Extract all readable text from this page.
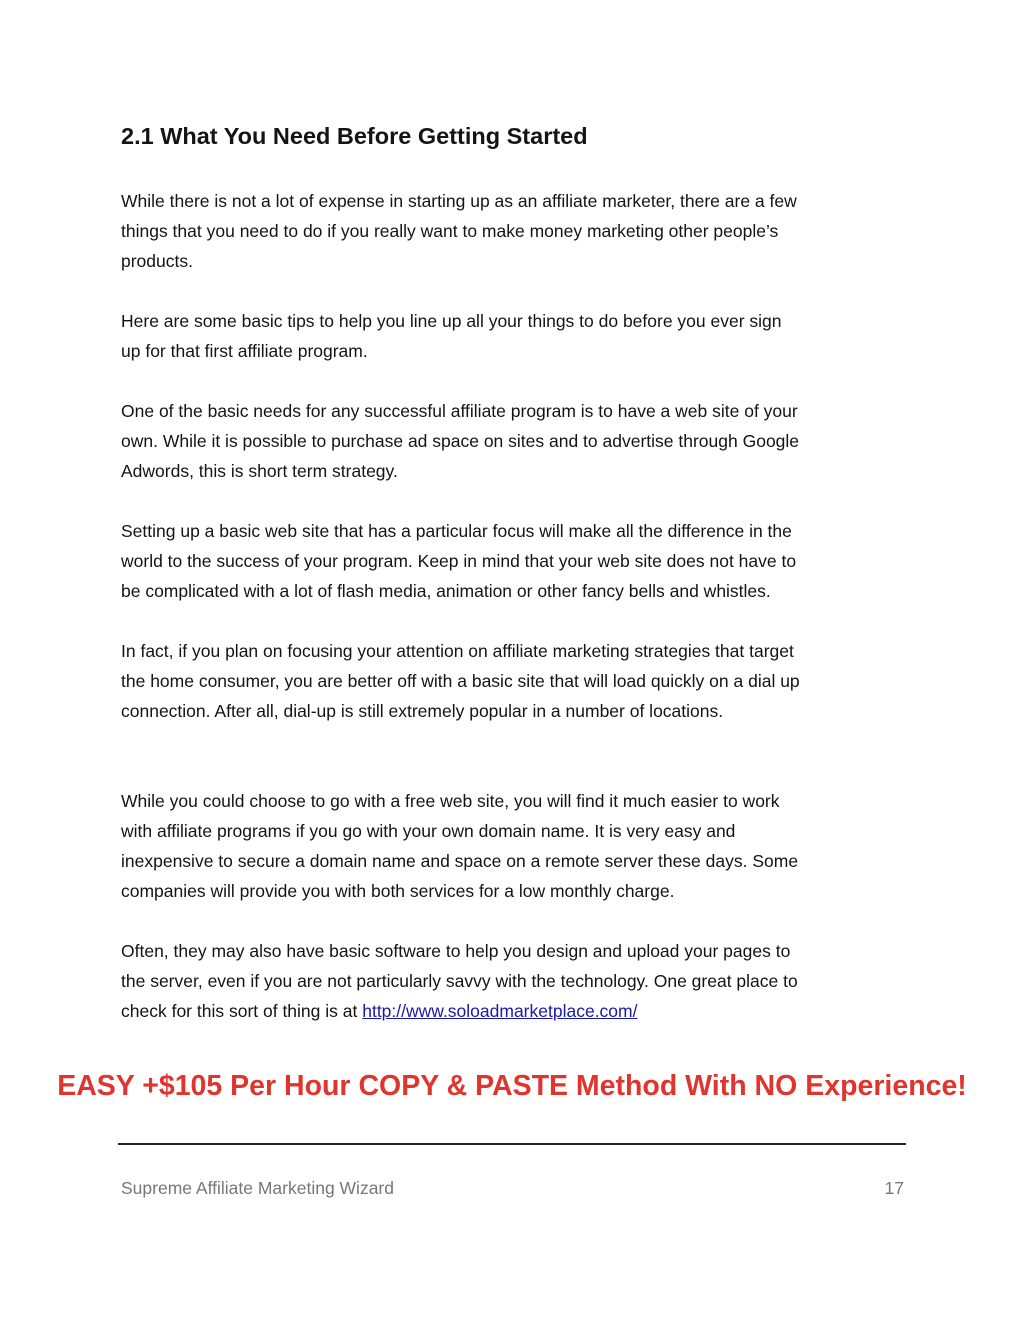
2.1 What You Need Before Getting Started

While there is not a lot of expense in starting up as an affiliate marketer, there are a few
things that you need to do if you really want to make money marketing other people’s
products.

Here are some basic tips to help you line up all your things to do before you ever sign
up for that first affiliate program.

One of the basic needs for any successful affiliate program is to have a web site of your
own. While it is possible to purchase ad space on sites and to advertise through Google
Adwords, this is short term strategy.

Setting up a basic web site that has a particular focus will make all the difference in the
world to the success of your program. Keep in mind that your web site does not have to
be complicated with a lot of flash media, animation or other fancy bells and whistles.

In fact, if you plan on focusing your attention on affiliate marketing strategies that target
the home consumer, you are better off with a basic site that will load quickly on a dial up
connection. After all, dial-up is still extremely popular in a number of locations.

While you could choose to go with a free web site, you will find it much easier to work
with affiliate programs if you go with your own domain name. It is very easy and
inexpensive to secure a domain name and space on a remote server these days. Some
companies will provide you with both services for a low monthly charge.

Often, they may also have basic software to help you design and upload your pages to
the server, even if you are not particularly savvy with the technology. One great place to
check for this sort of thing is at http://www.soloadmarketplace.com/

EASY +$105 Per Hour COPY & PASTE Method With NO Experience!
Supreme Affiliate Marketing Wizard	17
